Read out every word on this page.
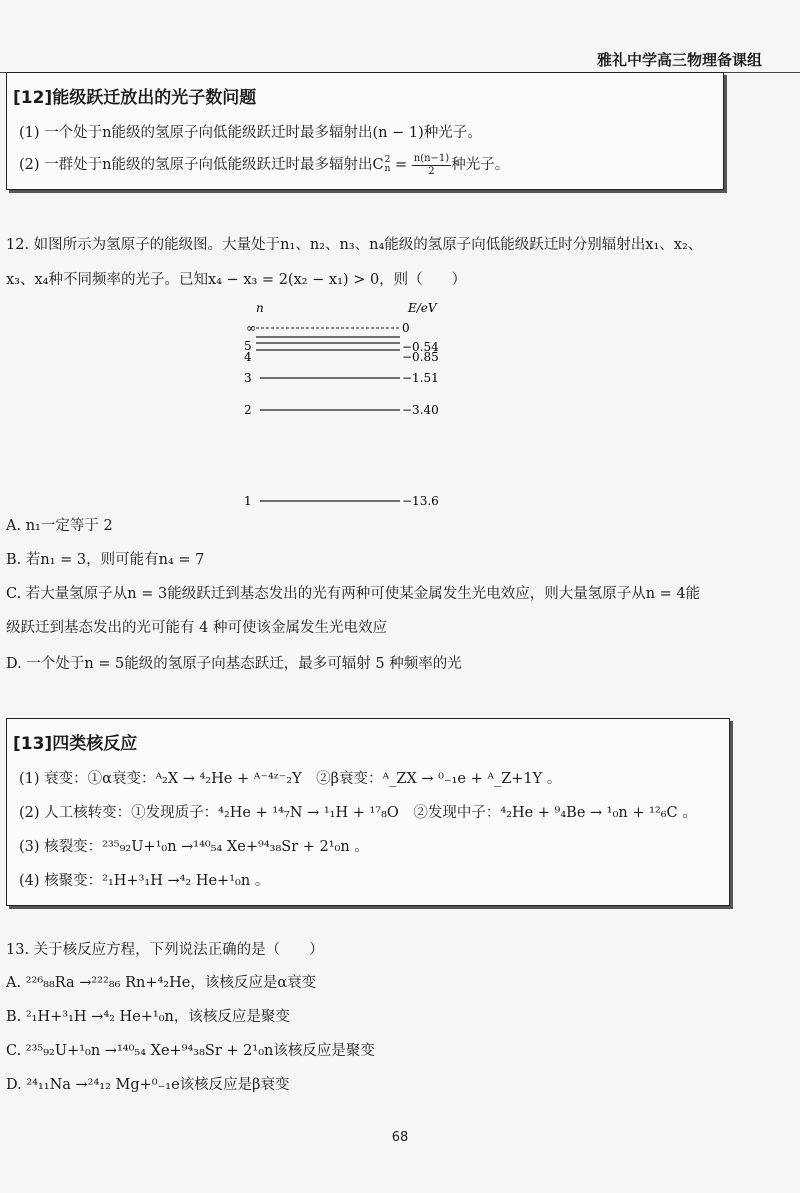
雅礼中学高三物理备课组
[12]能级跃迁放出的光子数问题
(1) 一个处于n能级的氢原子向低能级跃迁时最多辐射出(n − 1)种光子。
(2) 一群处于n能级的氢原子向低能级跃迁时最多辐射出C 2
$n = \frac{n(n-1)}{2}$ 种光子。
12. 如图所示为氢原子的能级图。大量处于n₁、n₂、n₃、n₄能级的氢原子向低能级跃迁时分别辐射出x₁、x₂、
x₃、x₄种不同频率的光子。已知x₄ − x₃ = 2(x₂ − x₁) > 0，则（　　）
n	E/eV
∞	0
5
4
−0.54
−0.85
3	−1.51
2	−3.40
1	−13.6
A. n₁一定等于 2
B. 若n₁ = 3，则可能有n₄ = 7
C. 若大量氢原子从n = 3能级跃迁到基态发出的光有两种可使某金属发生光电效应，则大量氢原子从n = 4能
级跃迁到基态发出的光可能有 4 种可使该金属发生光电效应
D. 一个处于n = 5能级的氢原子向基态跃迁，最多可辐射 5 种频率的光
[13]四类核反应
(1) 衰变：①α衰变：ᴬ₂X → ⁴₂He + ᴬ⁻⁴ᶻ⁻₂Y　②β衰变：ᴬ_ZX → ⁰₋₁e + ᴬ_Z+1Y 。
(2) 人工核转变：①发现质子：⁴₂He + ¹⁴₇N → ¹₁H + ¹⁷₈O　②发现中子：⁴₂He + ⁹₄Be → ¹₀n + ¹²₆C 。
(3) 核裂变：²³⁵₉₂U+¹₀n →¹⁴⁰₅₄ Xe+⁹⁴₃₈Sr + 2¹₀n 。
(4) 核聚变：²₁H+³₁H →⁴₂ He+¹₀n 。
13. 关于核反应方程，下列说法正确的是（　　）
A. ²²⁶₈₈Ra →²²²₈₆ Rn+⁴₂He，该核反应是α衰变
B. ²₁H+³₁H →⁴₂ He+¹₀n，该核反应是聚变
C. ²³⁵₉₂U+¹₀n →¹⁴⁰₅₄ Xe+⁹⁴₃₈Sr + 2¹₀n该核反应是聚变
D. ²⁴₁₁Na →²⁴₁₂ Mg+⁰₋₁e该核反应是β衰变
68
